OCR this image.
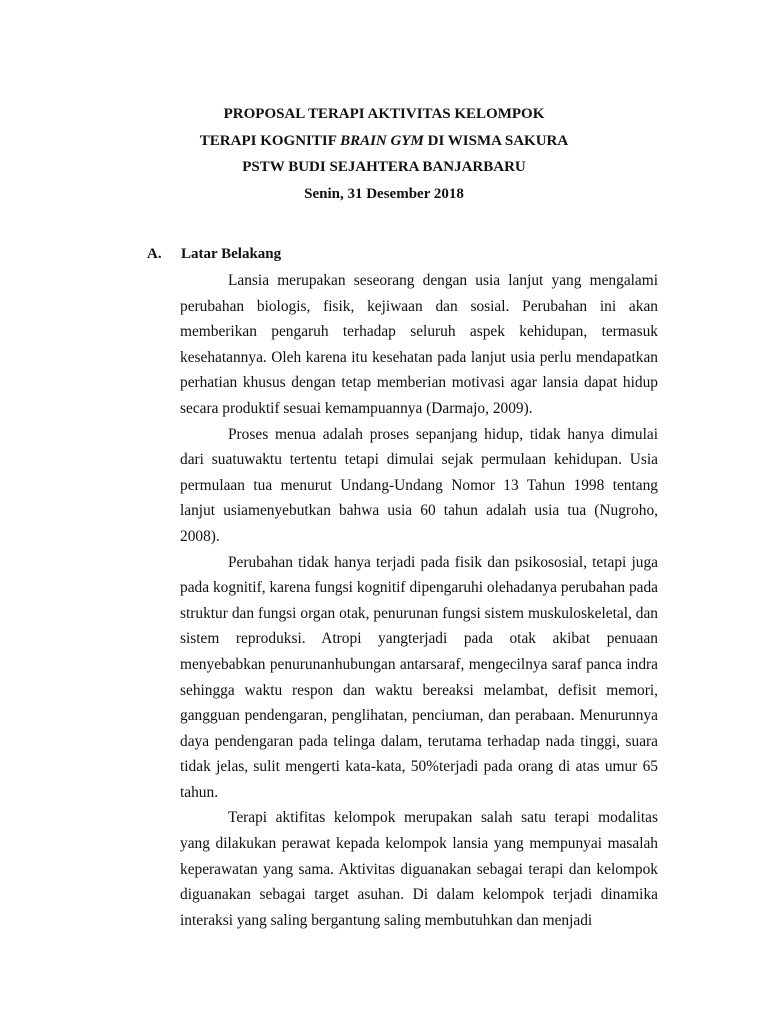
PROPOSAL TERAPI AKTIVITAS KELOMPOK
TERAPI KOGNITIF BRAIN GYM DI WISMA SAKURA
PSTW BUDI SEJAHTERA BANJARBARU
Senin, 31 Desember 2018
A. Latar Belakang

Lansia merupakan seseorang dengan usia lanjut yang mengalami perubahan biologis, fisik, kejiwaan dan sosial. Perubahan ini akan memberikan pengaruh terhadap seluruh aspek kehidupan, termasuk kesehatannya. Oleh karena itu kesehatan pada lanjut usia perlu mendapatkan perhatian khusus dengan tetap memberian motivasi agar lansia dapat hidup secara produktif sesuai kemampuannya (Darmajo, 2009).

Proses menua adalah proses sepanjang hidup, tidak hanya dimulai dari suatuwaktu tertentu tetapi dimulai sejak permulaan kehidupan. Usia permulaan tua menurut Undang-Undang Nomor 13 Tahun 1998 tentang lanjut usiamenyebutkan bahwa usia 60 tahun adalah usia tua (Nugroho, 2008).

Perubahan tidak hanya terjadi pada fisik dan psikososial, tetapi juga pada kognitif, karena fungsi kognitif dipengaruhi olehadanya perubahan pada struktur dan fungsi organ otak, penurunan fungsi sistem muskuloskeletal, dan sistem reproduksi. Atropi yangterjadi pada otak akibat penuaan menyebabkan penurunanhubungan antarsaraf, mengecilnya saraf panca indra sehingga waktu respon dan waktu bereaksi melambat, defisit memori, gangguan pendengaran, penglihatan, penciuman, dan perabaan. Menurunnya daya pendengaran pada telinga dalam, terutama terhadap nada tinggi, suara tidak jelas, sulit mengerti kata-kata, 50%terjadi pada orang di atas umur 65 tahun.

Terapi aktifitas kelompok merupakan salah satu terapi modalitas yang dilakukan perawat kepada kelompok lansia yang mempunyai masalah keperawatan yang sama. Aktivitas diguanakan sebagai terapi dan kelompok diguanakan sebagai target asuhan. Di dalam kelompok terjadi dinamika interaksi yang saling bergantung saling membutuhkan dan menjadi
